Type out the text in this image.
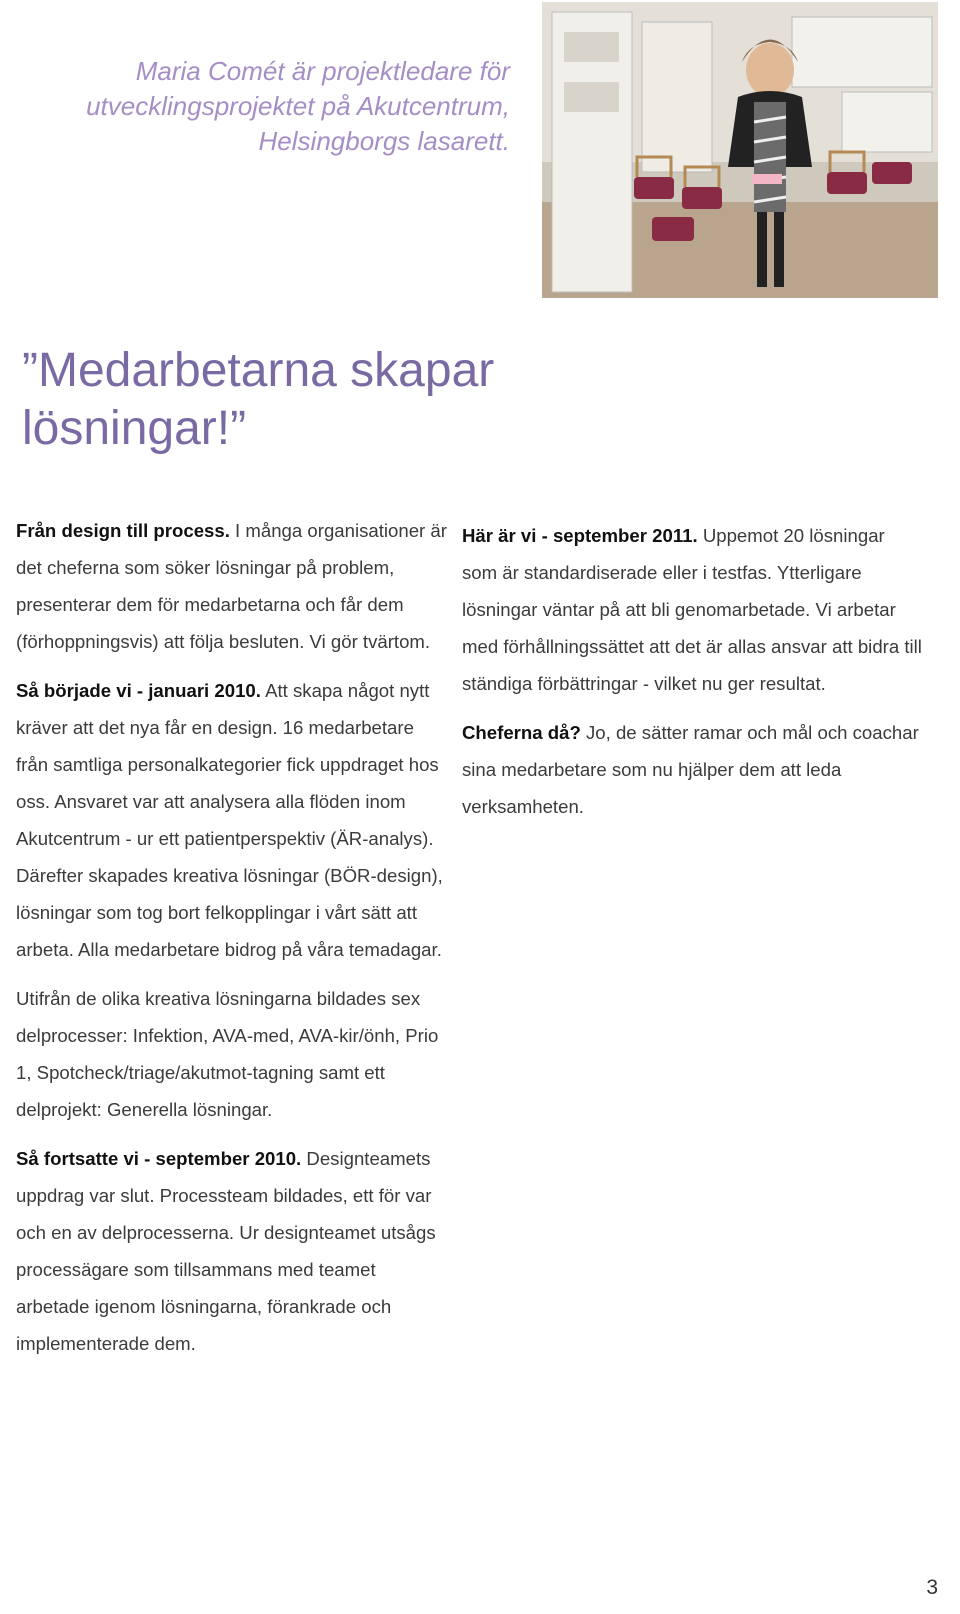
Maria Comét är projektledare för
utvecklingsprojektet på Akutcentrum,
Helsingborgs lasarett.
”Medarbetarna skapar
lösningar!”

Från design till process. I många organisationer är det cheferna som söker lösningar på problem, presenterar dem för medarbetarna och får dem (förhoppningsvis) att följa besluten. Vi gör tvärtom.

Så började vi - januari 2010. Att skapa något nytt kräver att det nya får en design. 16 medarbetare från samtliga personalkategorier fick uppdraget hos oss. Ansvaret var att analysera alla flöden inom Akutcentrum - ur ett patientperspektiv (ÄR-analys). Därefter skapades kreativa lösningar (BÖR-design), lösningar som tog bort felkopplingar i vårt sätt att arbeta. Alla medarbetare bidrog på våra temadagar.

Utifrån de olika kreativa lösningarna bildades sex delprocesser: Infektion, AVA-med, AVA-kir/önh, Prio 1, Spotcheck/triage/akutmot-tagning samt ett delprojekt: Generella lösningar.

Så fortsatte vi - september 2010. Designteamets uppdrag var slut. Processteam bildades, ett för var och en av delprocesserna. Ur designteamet utsågs processägare som tillsammans med teamet arbetade igenom lösningarna, förankrade och implementerade dem.

Här är vi - september 2011. Uppemot 20 lösningar som är standardiserade eller i testfas. Ytterligare lösningar väntar på att bli genomarbetade. Vi arbetar med förhållningssättet att det är allas ansvar att bidra till ständiga förbättringar - vilket nu ger resultat.

Cheferna då? Jo, de sätter ramar och mål och coachar sina medarbetare som nu hjälper dem att leda verksamheten.

3
